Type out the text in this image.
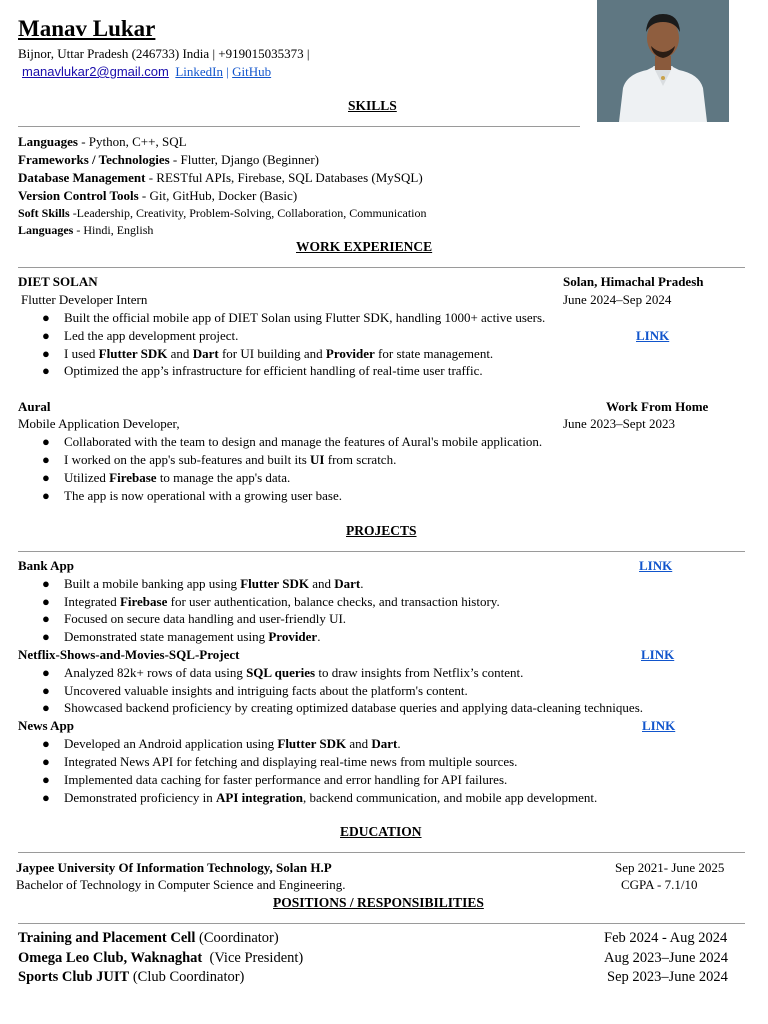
Manav Lukar
Bijnor, Uttar Pradesh (246733) India | +919015035373 |
manavlukar2@gmail.com LinkedIn | GitHub
SKILLS
Languages - Python, C++, SQL
Frameworks / Technologies - Flutter, Django (Beginner)
Database Management - RESTful APIs, Firebase, SQL Databases (MySQL)
Version Control Tools - Git, GitHub, Docker (Basic)
Soft Skills -Leadership, Creativity, Problem-Solving, Collaboration, Communication
Languages - Hindi, English
WORK EXPERIENCE
DIET SOLAN	Solan, Himachal Pradesh
Flutter Developer Intern	June 2024–Sep 2024
● Built the official mobile app of DIET Solan using Flutter SDK, handling 1000+ active users.
● Led the app development project.	LINK
● I used Flutter SDK and Dart for UI building and Provider for state management.
● Optimized the app’s infrastructure for efficient handling of real-time user traffic.
Aural	Work From Home
Mobile Application Developer,	June 2023–Sept 2023
● Collaborated with the team to design and manage the features of Aural's mobile application.
● I worked on the app's sub-features and built its UI from scratch.
● Utilized Firebase to manage the app's data.
● The app is now operational with a growing user base.
PROJECTS
Bank App	LINK
● Built a mobile banking app using Flutter SDK and Dart.
● Integrated Firebase for user authentication, balance checks, and transaction history.
● Focused on secure data handling and user-friendly UI.
● Demonstrated state management using Provider.
Netflix-Shows-and-Movies-SQL-Project	LINK
● Analyzed 82k+ rows of data using SQL queries to draw insights from Netflix’s content.
● Uncovered valuable insights and intriguing facts about the platform's content.
● Showcased backend proficiency by creating optimized database queries and applying data-cleaning techniques.
News App	LINK
● Developed an Android application using Flutter SDK and Dart.
● Integrated News API for fetching and displaying real-time news from multiple sources.
● Implemented data caching for faster performance and error handling for API failures.
● Demonstrated proficiency in API integration, backend communication, and mobile app development.
EDUCATION
Jaypee University Of Information Technology, Solan H.P	Sep 2021- June 2025
Bachelor of Technology in Computer Science and Engineering.	CGPA - 7.1/10
POSITIONS / RESPONSIBILITIES
Training and Placement Cell (Coordinator)	Feb 2024 - Aug 2024
Omega Leo Club, Waknaghat  (Vice President)	Aug 2023–June 2024
Sports Club JUIT (Club Coordinator)	Sep 2023–June 2024
